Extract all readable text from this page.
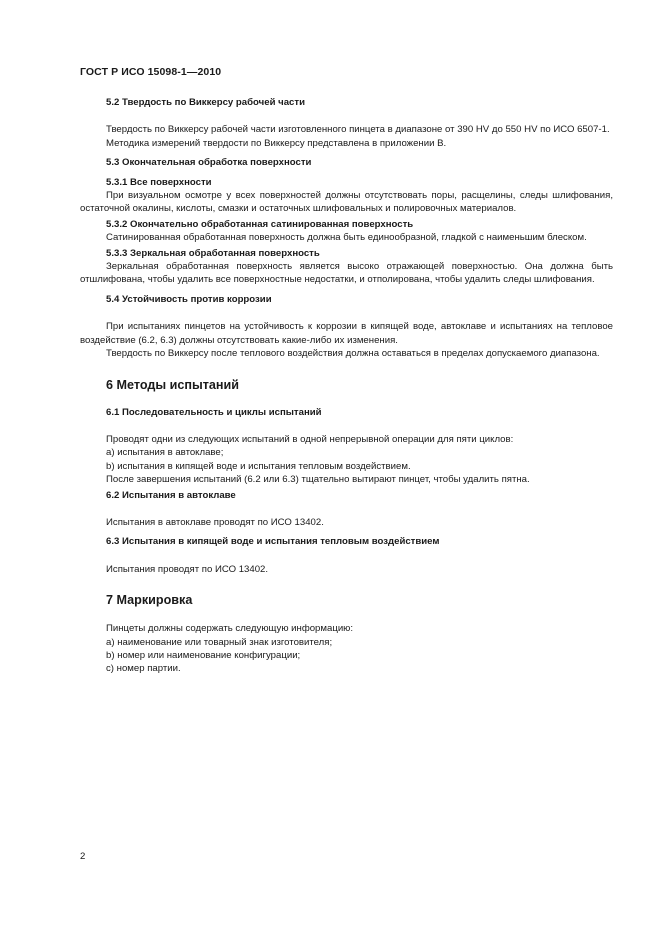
ГОСТ Р ИСО 15098-1—2010
5.2 Твердость по Виккерсу рабочей части

Твердость по Виккерсу рабочей части изготовленного пинцета в диапазоне от 390 HV до 550 HV по ИСО 6507-1.

Методика измерений твердости по Виккерсу представлена в приложении В.

5.3 Окончательная обработка поверхности
5.3.1 Все поверхности

При визуальном осмотре у всех поверхностей должны отсутствовать поры, расщелины, следы шлифования, остаточной окалины, кислоты, смазки и остаточных шлифовальных и полировочных материалов.

5.3.2 Окончательно обработанная сатинированная поверхность

Сатинированная обработанная поверхность должна быть единообразной, гладкой с наименьшим блеском.

5.3.3 Зеркальная обработанная поверхность

Зеркальная обработанная поверхность является высоко отражающей поверхностью. Она должна быть отшлифована, чтобы удалить все поверхностные недостатки, и отполирована, чтобы удалить следы шлифования.

5.4 Устойчивость против коррозии

При испытаниях пинцетов на устойчивость к коррозии в кипящей воде, автоклаве и испытаниях на тепловое воздействие (6.2, 6.3) должны отсутствовать какие-либо их изменения.

Твердость по Виккерсу после теплового воздействия должна оставаться в пределах допускаемого диапазона.

6 Методы испытаний
6.1 Последовательность и циклы испытаний

Проводят одни из следующих испытаний в одной непрерывной операции для пяти циклов:

a) испытания в автоклаве;

b) испытания в кипящей воде и испытания тепловым воздействием.

После завершения испытаний (6.2 или 6.3) тщательно вытирают пинцет, чтобы удалить пятна.

6.2 Испытания в автоклаве

Испытания в автоклаве проводят по ИСО 13402.

6.3 Испытания в кипящей воде и испытания тепловым воздействием

Испытания проводят по ИСО 13402.

7 Маркировка

Пинцеты должны содержать следующую информацию:

a) наименование или товарный знак изготовителя;

b) номер или наименование конфигурации;

c) номер партии.

2
